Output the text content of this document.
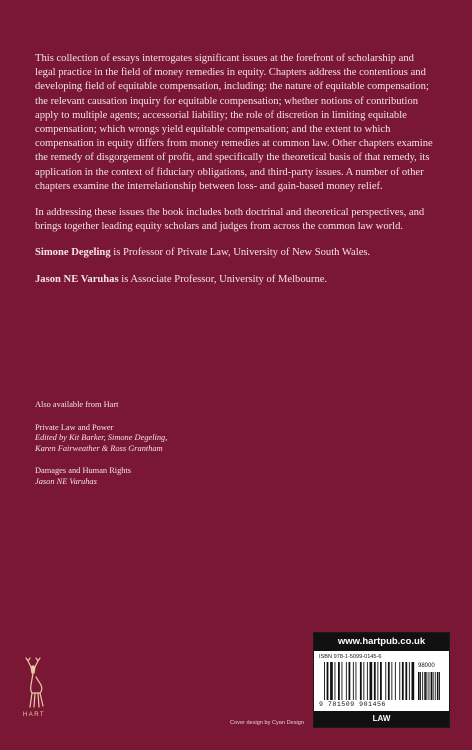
This collection of essays interrogates significant issues at the forefront of scholarship and legal practice in the field of money remedies in equity. Chapters address the contentious and developing field of equitable compensation, including: the nature of equitable compensation; the relevant causation inquiry for equitable compensation; whether notions of contribution apply to multiple agents; accessorial liability; the role of discretion in limiting equitable compensation; which wrongs yield equitable compensation; and the extent to which compensation in equity differs from money remedies at common law. Other chapters examine the remedy of disgorgement of profit, and specifically the theoretical basis of that remedy, its application in the context of fiduciary obligations, and third-party issues. A number of other chapters examine the interrelationship between loss- and gain-based money relief.

In addressing these issues the book includes both doctrinal and theoretical perspectives, and brings together leading equity scholars and judges from across the common law world.

Simone Degeling is Professor of Private Law, University of New South Wales.

Jason NE Varuhas is Associate Professor, University of Melbourne.

Also available from Hart
Private Law and Power
Edited by Kit Barker, Simone Degeling,
Karen Fairweather & Ross Grantham
Damages and Human Rights
Jason NE Varuhas
HART
Cover design by Cyan Design
www.hartpub.co.uk
ISBN 978-1-5099-0145-6
98000
9 781509 901456
LAW
